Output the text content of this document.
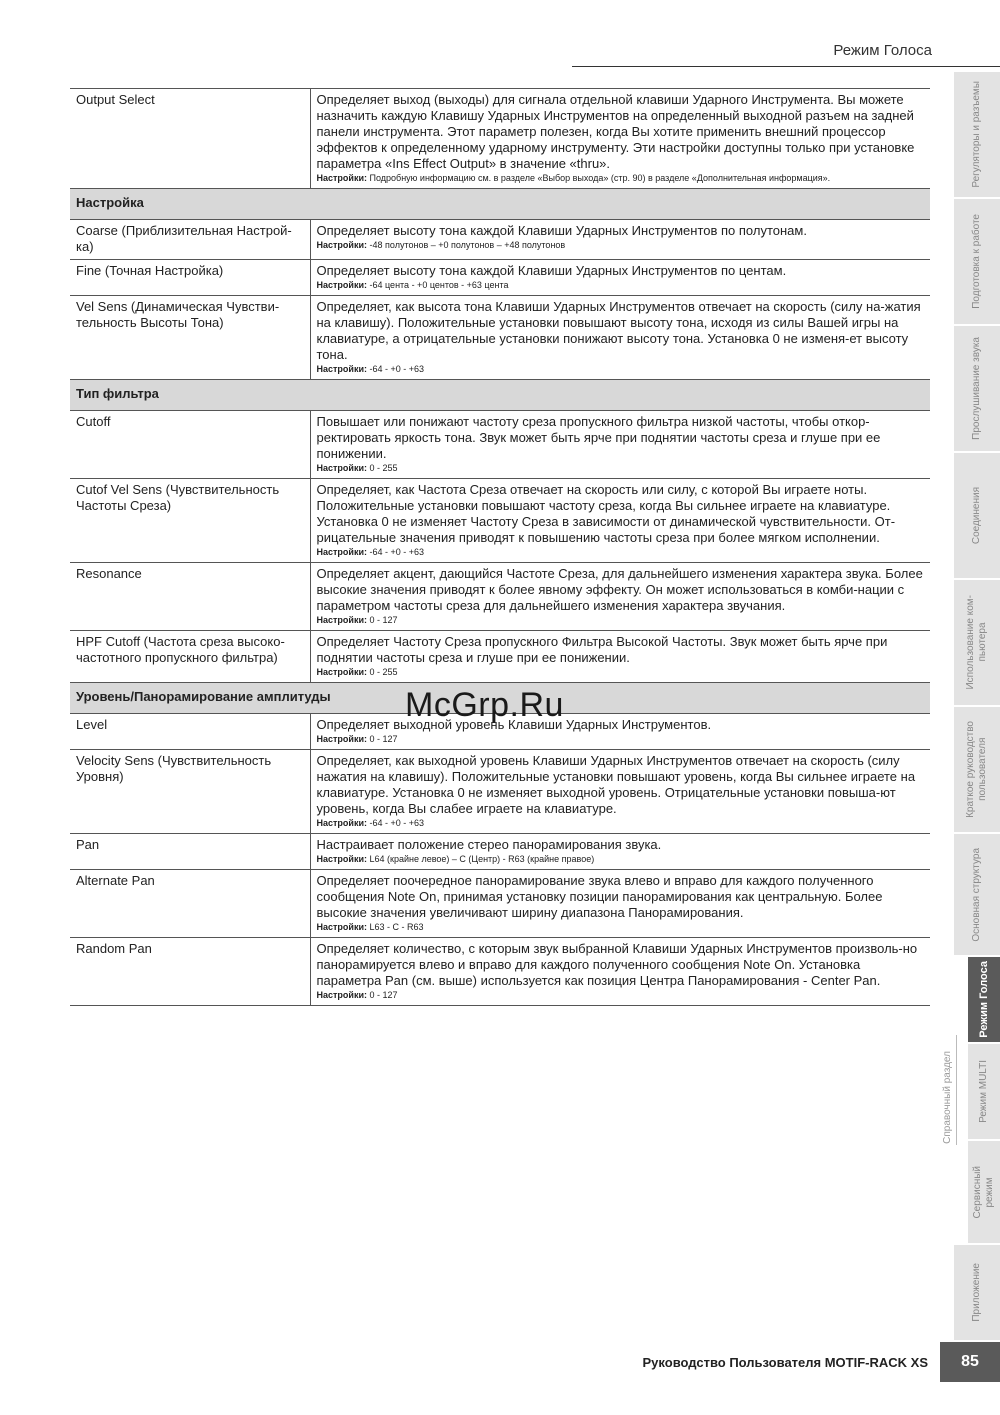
Режим Голоса
Output Select	Определяет выход (выходы) для сигнала отдельной клавиши Ударного Инструмента. Вы можете назначить каждую Клавишу Ударных Инструментов на определенный выходной разъем на задней панели инструмента. Этот параметр полезен, когда Вы хотите применить внешний процессор эффектов к определенному ударному инструменту. Эти настройки доступны только при установке параметра «Ins Effect Output» в значение «thru».
Настройки: Подробную информацию см. в разделе «Выбор выхода» (стр. 90) в разделе «Дополнительная информация».

Настройка	
Coarse (Приблизительная Настрой-ка)	Определяет высоту тона каждой Клавиши Ударных Инструментов по полутонам.
Настройки: -48 полутонов – +0 полутонов – +48 полутонов

Fine (Точная Настройка)	Определяет высоту тона каждой Клавиши Ударных Инструментов по центам.
Настройки: -64 цента - +0 центов - +63 цента

Vel Sens (Динамическая Чувстви-тельность Высоты Тона)	Определяет, как высота тона Клавиши Ударных Инструментов отвечает на скорость (силу на-жатия на клавишу). Положительные установки повышают высоту тона, исходя из силы Вашей игры на клавиатуре, а отрицательные установки понижают высоту тона. Установка 0 не изменя-ет высоту тона.
Настройки: -64 - +0 - +63

Тип фильтра	
Cutoff	Повышает или понижают частоту среза пропускного фильтра низкой частоты, чтобы откор-ректировать яркость тона. Звук может быть ярче при поднятии частоты среза и глуше при ее понижении.
Настройки: 0 - 255

Cutof Vel Sens (Чувствительность Частоты Среза)	Определяет, как Частота Среза отвечает на скорость или силу, с которой Вы играете ноты. Положительные установки повышают частоту среза, когда Вы сильнее играете на клавиатуре. Установка 0 не изменяет Частоту Среза в зависимости от динамической чувствительности. От-рицательные значения приводят к повышению частоты среза при более мягком исполнении.
Настройки: -64 - +0 - +63

Resonance	Определяет акцент, дающийся Частоте Среза, для дальнейшего изменения характера звука. Более высокие значения приводят к более явному эффекту. Он может использоваться в комби-нации с параметром частоты среза для дальнейшего изменения характера звучания.
Настройки: 0 - 127

HPF Cutoff (Частота среза высоко-частотного пропускного фильтра)	Определяет Частоту Среза пропускного Фильтра Высокой Частоты. Звук может быть ярче при поднятии частоты среза и глуше при ее понижении.
Настройки: 0 - 255

Уровень/Панорамирование амплитуды	
Level	Определяет выходной уровень Клавиши Ударных Инструментов.
Настройки: 0 - 127

Velocity Sens (Чувствительность Уровня)	Определяет, как выходной уровень Клавиши Ударных Инструментов отвечает на скорость (силу нажатия на клавишу). Положительные установки повышают уровень, когда Вы сильнее играете на клавиатуре. Установка 0 не изменяет выходной уровень. Отрицательные установки повыша-ют уровень, когда Вы слабее играете на клавиатуре.
Настройки: -64 - +0 - +63

Pan	Настраивает положение стерео панорамирования звука.
Настройки: L64 (крайне левое) – C (Центр) - R63 (крайне правое)

Alternate Pan	Определяет поочередное панорамирование звука влево и вправо для каждого полученного сообщения Note On, принимая установку позиции панорамирования как центральную. Более высокие значения увеличивают ширину диапазона Панорамирования.
Настройки: L63 - C - R63

Random Pan	Определяет количество, с которым звук выбранной Клавиши Ударных Инструментов произволь-но панорамируется влево и вправо для каждого полученного сообщения Note On. Установка параметра Pan (см. выше) используется как позиция Центра Панорамирования - Center Pan.
Настройки: 0 - 127
Регуляторы и разъемы
Подготовка к работе
Прослушивание звука
Соединения
Использование ком-
пьютера
Краткое руководство
пользователя
Основная структура
Режим Голоса
Режим MULTI
Сервисный
режим
Приложение
Справочный раздел
Руководство Пользователя MOTIF-RACK XS	85
McGrp.Ru
